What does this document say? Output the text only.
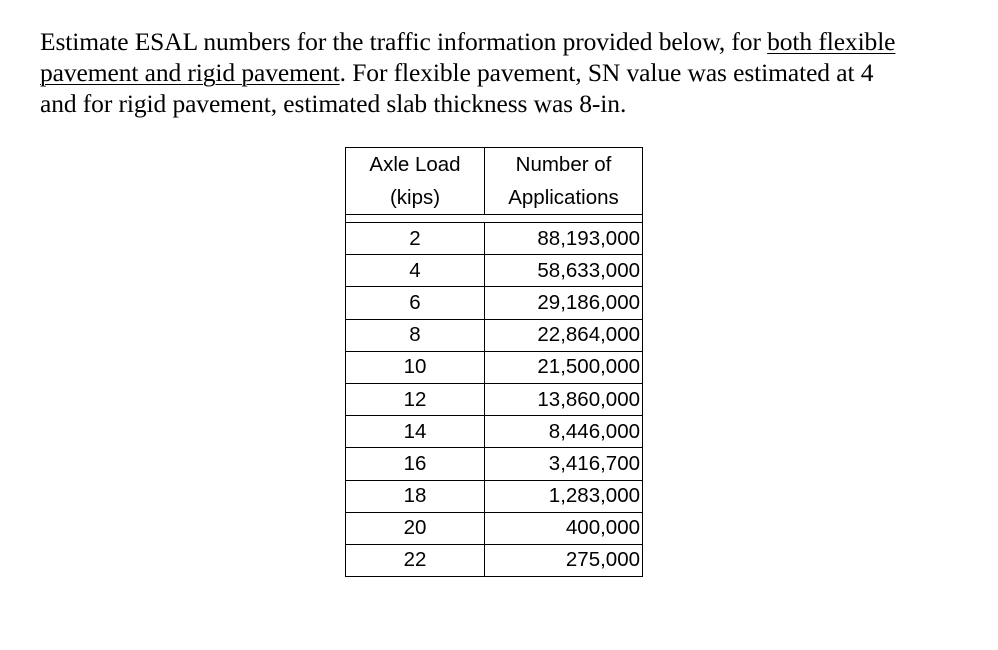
Estimate ESAL numbers for the traffic information provided below, for both flexible
pavement and rigid pavement. For flexible pavement, SN value was estimated at 4
and for rigid pavement, estimated slab thickness was 8-in.
Axle Load	Number of
(kips)	Applications

2	88,193,000
4	58,633,000
6	29,186,000
8	22,864,000
10	21,500,000
12	13,860,000
14	8,446,000
16	3,416,700
18	1,283,000
20	400,000
22	275,000
